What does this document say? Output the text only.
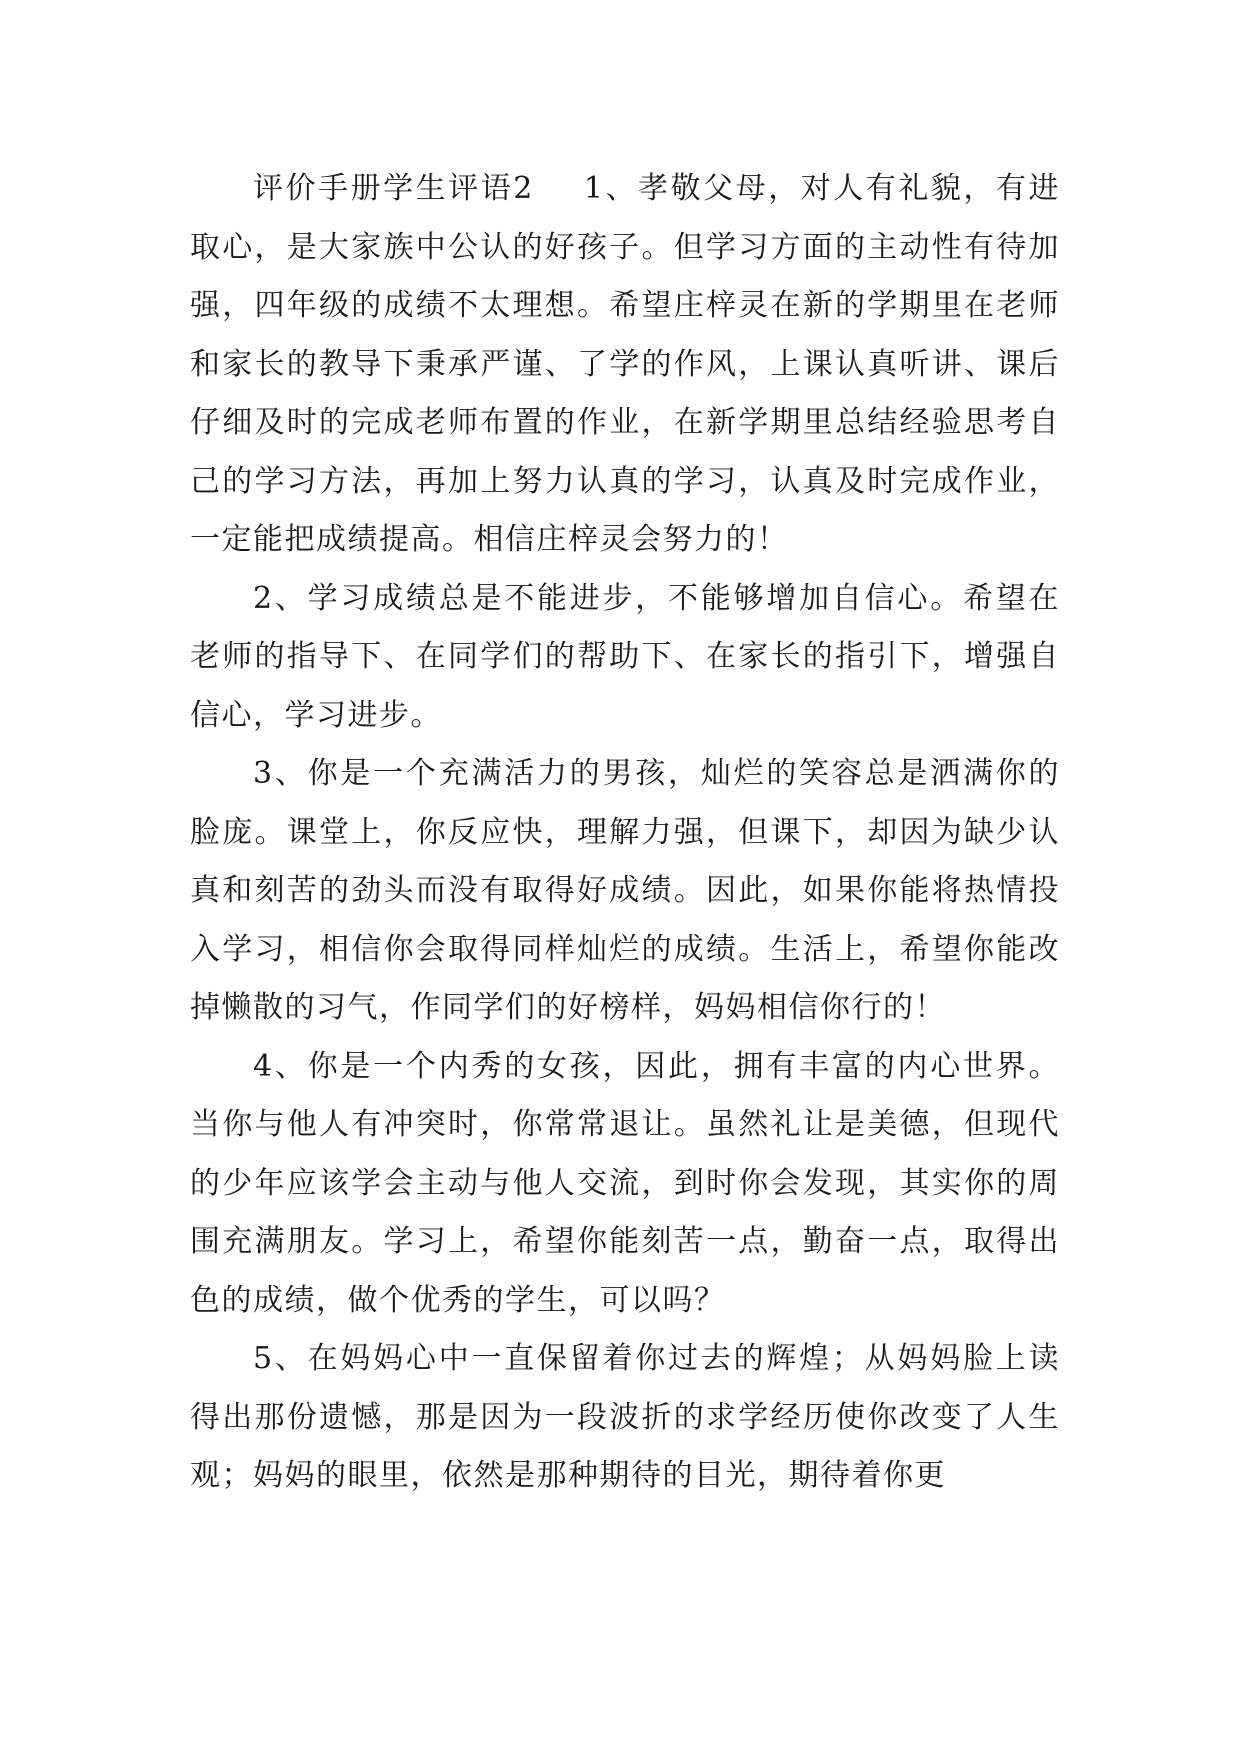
评价手册学生评语2 1、孝敬父母，对人有礼貌，有进取心，是大家族中公认的好孩子。但学习方面的主动性有待加强，四年级的成绩不太理想。希望庄梓灵在新的学期里在老师和家长的教导下秉承严谨、了学的作风，上课认真听讲、课后仔细及时的完成老师布置的作业，在新学期里总结经验思考自己的学习方法，再加上努力认真的学习，认真及时完成作业，一定能把成绩提高。相信庄梓灵会努力的！

2、学习成绩总是不能进步，不能够增加自信心。希望在老师的指导下、在同学们的帮助下、在家长的指引下，增强自信心，学习进步。

3、你是一个充满活力的男孩，灿烂的笑容总是洒满你的脸庞。课堂上，你反应快，理解力强，但课下，却因为缺少认真和刻苦的劲头而没有取得好成绩。因此，如果你能将热情投入学习，相信你会取得同样灿烂的成绩。生活上，希望你能改掉懒散的习气，作同学们的好榜样，妈妈相信你行的！

4、你是一个内秀的女孩，因此，拥有丰富的内心世界。当你与他人有冲突时，你常常退让。虽然礼让是美德，但现代的少年应该学会主动与他人交流，到时你会发现，其实你的周围充满朋友。学习上，希望你能刻苦一点，勤奋一点，取得出色的成绩，做个优秀的学生，可以吗？

5、在妈妈心中一直保留着你过去的辉煌；从妈妈脸上读得出那份遗憾，那是因为一段波折的求学经历使你改变了人生观；妈妈的眼里，依然是那种期待的目光，期待着你更
